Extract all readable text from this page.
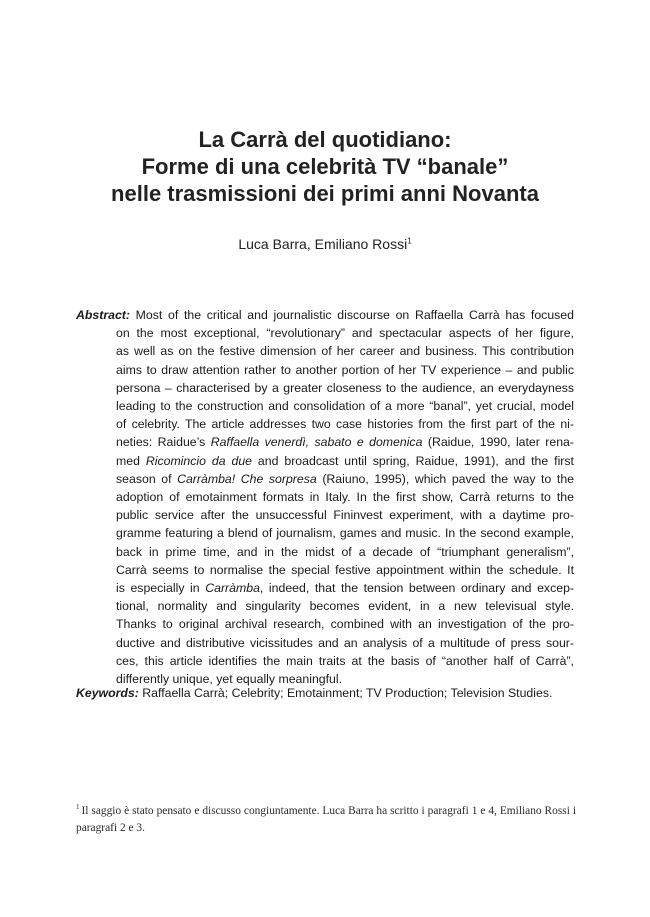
La Carrà del quotidiano:
Forme di una celebrità TV “banale”
nelle trasmissioni dei primi anni Novanta
Luca Barra, Emiliano Rossi$^1$
Abstract: Most of the critical and journalistic discourse on Raffaella Carrà has focused
on the most exceptional, “revolutionary” and spectacular aspects of her figure,
as well as on the festive dimension of her career and business. This contribution
aims to draw attention rather to another portion of her TV experience – and public
persona – characterised by a greater closeness to the audience, an everydayness
leading to the construction and consolidation of a more “banal”, yet crucial, model
of celebrity. The article addresses two case histories from the first part of the ni-
neties: Raidue’s Raffaella venerdì, sabato e domenica (Raidue, 1990, later rena-
med Ricomincio da due and broadcast until spring, Raidue, 1991), and the first
season of Carràmba! Che sorpresa (Raiuno, 1995), which paved the way to the
adoption of emotainment formats in Italy. In the first show, Carrà returns to the
public service after the unsuccessful Fininvest experiment, with a daytime pro-
gramme featuring a blend of journalism, games and music. In the second example,
back in prime time, and in the midst of a decade of “triumphant generalism”,
Carrà seems to normalise the special festive appointment within the schedule. It
is especially in Carràmba, indeed, that the tension between ordinary and excep-
tional, normality and singularity becomes evident, in a new televisual style.
Thanks to original archival research, combined with an investigation of the pro-
ductive and distributive vicissitudes and an analysis of a multitude of press sour-
ces, this article identifies the main traits at the basis of “another half of Carrà”,
differently unique, yet equally meaningful.
Keywords: Raffaella Carrà; Celebrity; Emotainment; TV Production; Television Studies.
$^1$ Il saggio è stato pensato e discusso congiuntamente. Luca Barra ha scritto i paragrafi 1 e 4, Emiliano Rossi i paragrafi 2 e 3.
